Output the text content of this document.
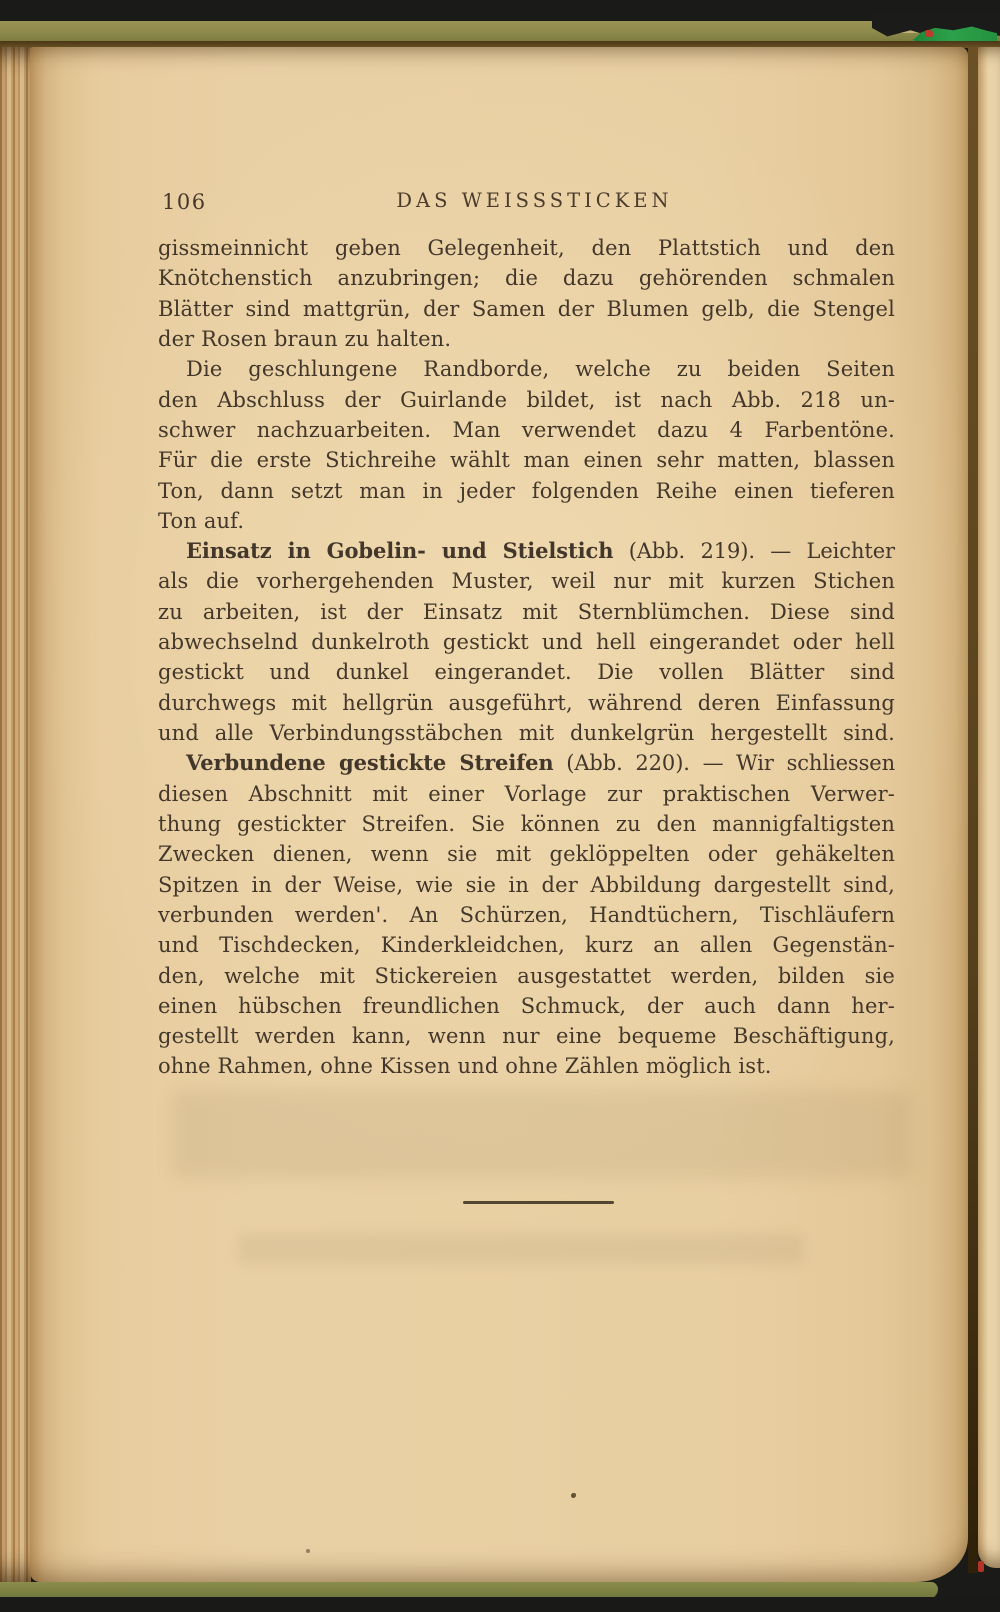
106	DAS WEISSSTICKEN
gissmeinnicht geben Gelegenheit, den Plattstich und den
Knötchenstich anzubringen; die dazu gehörenden schmalen
Blätter sind mattgrün, der Samen der Blumen gelb, die Stengel
der Rosen braun zu halten.
Die geschlungene Randborde, welche zu beiden Seiten
den Abschluss der Guirlande bildet, ist nach Abb. 218 un-
schwer nachzuarbeiten. Man verwendet dazu 4 Farbentöne.
Für die erste Stichreihe wählt man einen sehr matten, blassen
Ton, dann setzt man in jeder folgenden Reihe einen tieferen
Ton auf.
Einsatz in Gobelin- und Stielstich (Abb. 219). — Leichter
als die vorhergehenden Muster, weil nur mit kurzen Stichen
zu arbeiten, ist der Einsatz mit Sternblümchen. Diese sind
abwechselnd dunkelroth gestickt und hell eingerandet oder hell
gestickt und dunkel eingerandet. Die vollen Blätter sind
durchwegs mit hellgrün ausgeführt, während deren Einfassung
und alle Verbindungsstäbchen mit dunkelgrün hergestellt sind.
Verbundene gestickte Streifen (Abb. 220). — Wir schliessen
diesen Abschnitt mit einer Vorlage zur praktischen Verwer-
thung gestickter Streifen. Sie können zu den mannigfaltigsten
Zwecken dienen, wenn sie mit geklöppelten oder gehäkelten
Spitzen in der Weise, wie sie in der Abbildung dargestellt sind,
verbunden werden'. An Schürzen, Handtüchern, Tischläufern
und Tischdecken, Kinderkleidchen, kurz an allen Gegenstän-
den, welche mit Stickereien ausgestattet werden, bilden sie
einen hübschen freundlichen Schmuck, der auch dann her-
gestellt werden kann, wenn nur eine bequeme Beschäftigung,
ohne Rahmen, ohne Kissen und ohne Zählen möglich ist.
